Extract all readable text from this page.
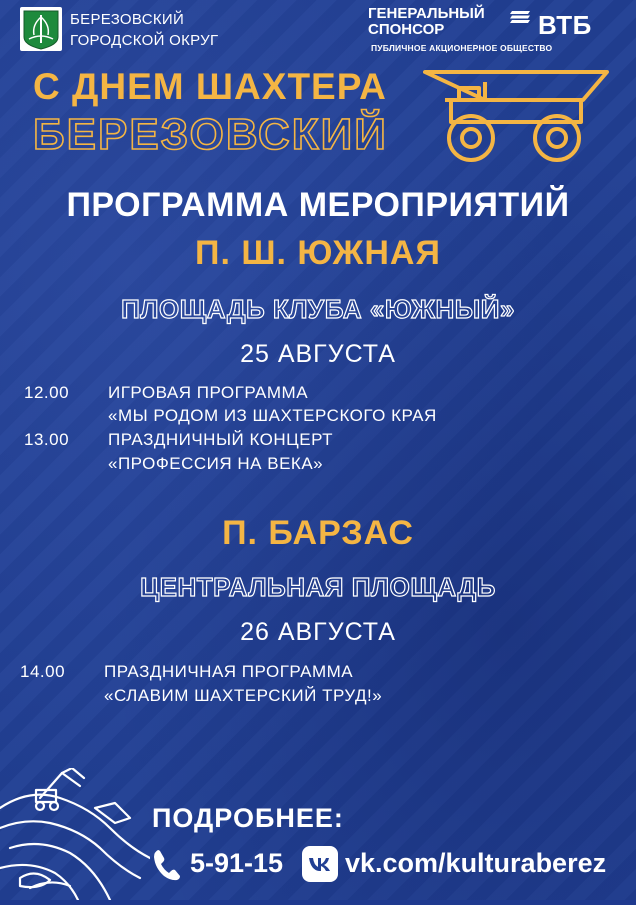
БЕРЕЗОВСКИЙ
ГОРОДСКОЙ ОКРУГ
ГЕНЕРАЛЬНЫЙ
СПОНСОР	ВТБ
ПУБЛИЧНОЕ АКЦИОНЕРНОЕ ОБЩЕСТВО
С ДНЕМ ШАХТЕРА
БЕРЕЗОВСКИЙ
ПРОГРАММА МЕРОПРИЯТИЙ
П. Ш. ЮЖНАЯ
ПЛОЩАДЬ КЛУБА «ЮЖНЫЙ»
25 АВГУСТА
12.00 ИГРОВАЯ ПРОГРАММА
«МЫ РОДОМ ИЗ ШАХТЕРСКОГО КРАЯ
13.00 ПРАЗДНИЧНЫЙ КОНЦЕРТ
«ПРОФЕССИЯ НА ВЕКА»
П. БАРЗАС
ЦЕНТРАЛЬНАЯ ПЛОЩАДЬ
26 АВГУСТА
14.00 ПРАЗДНИЧНАЯ ПРОГРАММА
«СЛАВИМ ШАХТЕРСКИЙ ТРУД!»
ПОДРОБНЕЕ:
5-91-15 vk.com/kulturaberez
